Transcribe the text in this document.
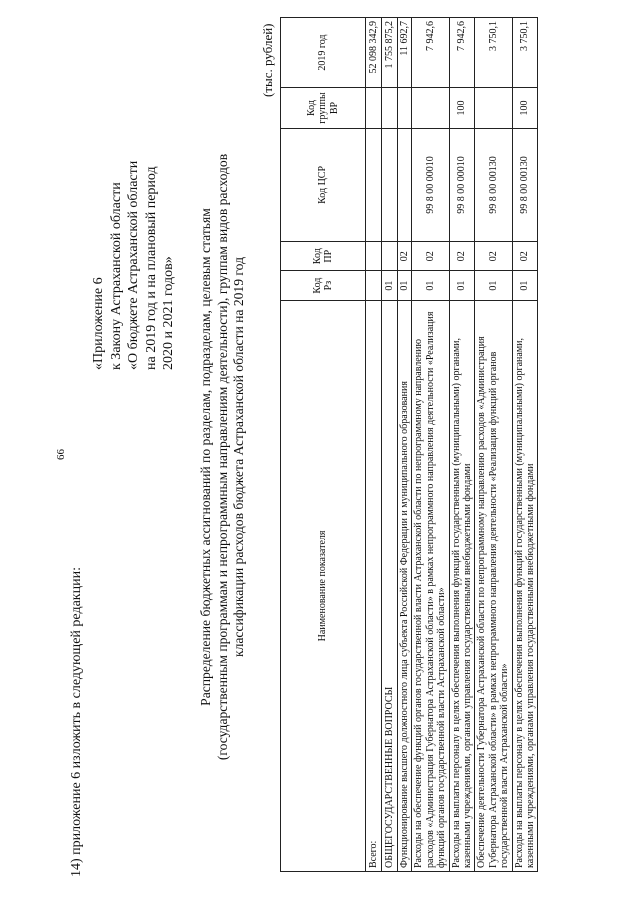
66
14) приложение 6 изложить в следующей редакции:
«Приложение 6 к Закону Астраханской области «О бюджете Астраханской области на 2019 год и на плановый период 2020 и 2021 годов» Распределение бюджетных ассигнований по разделам, подразделам, целевым статьям (государственным программам и непрограммным направлениям деятельности), группам видов расходов классификации расходов бюджета Астраханской области на 2019 год
(тыс. рублей)
Наименование показателя	Код Рз	Код ПР	Код ЦСР	Код группы ВР	2019 год
Всего:					52 098 342,9
ОБЩЕГОСУДАРСТВЕННЫЕ ВОПРОСЫ	01				1 755 875,2
Функционирование высшего должностного лица субъекта Российской Федерации и муниципального образования	01	02			11 692,7
Расходы на обеспечение функций органов государственной власти Астраханской области по непрограммному направлению расходов «Администрация Губернатора Астраханской области» в рамках непрограммного направления деятельности «Реализация функций органов государственной власти Астраханской области»	01	02	99 8 00 00010		7 942,6
Расходы на выплаты персоналу в целях обеспечения выполнения функций государственными (муниципальными) органами, казенными учреждениями, органами управления государственными внебюджетными фондами	01	02	99 8 00 00010	100	7 942,6
Обеспечение деятельности Губернатора Астраханской области по непрограммному направлению расходов «Администрация Губернатора Астраханской области» в рамках непрограммного направления деятельности «Реализация функций органов государственной власти Астраханской области»	01	02	99 8 00 00130		3 750,1
Расходы на выплаты персоналу в целях обеспечения выполнения функций государственными (муниципальными) органами, казенными учреждениями, органами управления государственными внебюджетными фондами	01	02	99 8 00 00130	100	3 750,1
